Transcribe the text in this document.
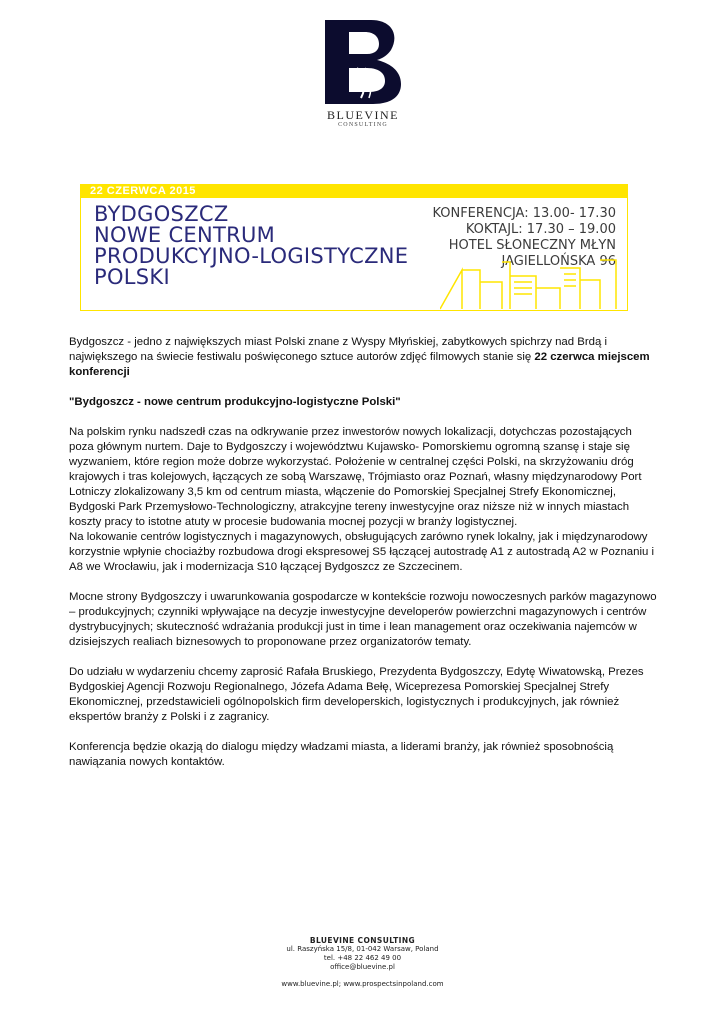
BLUEVINE
CONSULTING
22 CZERWCA 2015
BYDGOSZCZ
NOWE CENTRUM
PRODUKCYJNO-LOGISTYCZNE
POLSKI
KONFERENCJA: 13.00- 17.30
KOKTAJL: 17.30 – 19.00
HOTEL SŁONECZNY MŁYN
JAGIELLOŃSKA 96

Bydgoszcz - jedno z największych miast Polski znane z Wyspy Młyńskiej, zabytkowych spichrzy nad Brdą i największego na świecie festiwalu poświęconego sztuce autorów zdjęć filmowych stanie się 22 czerwca miejscem konferencji

"Bydgoszcz - nowe centrum produkcyjno-logistyczne Polski"

Na polskim rynku nadszedł czas na odkrywanie przez inwestorów nowych lokalizacji, dotychczas pozostających poza głównym nurtem. Daje to Bydgoszczy i województwu Kujawsko- Pomorskiemu ogromną szansę i staje się wyzwaniem, które region może dobrze wykorzystać. Położenie w centralnej części Polski, na skrzyżowaniu dróg krajowych i tras kolejowych, łączących ze sobą Warszawę, Trójmiasto oraz Poznań, własny międzynarodowy Port Lotniczy zlokalizowany 3,5 km od centrum miasta, włączenie do Pomorskiej Specjalnej Strefy Ekonomicznej, Bydgoski Park Przemysłowo-Technologiczny, atrakcyjne tereny inwestycyjne oraz niższe niż w innych miastach koszty pracy to istotne atuty w procesie budowania mocnej pozycji w branży logistycznej.

Na lokowanie centrów logistycznych i magazynowych, obsługujących zarówno rynek lokalny, jak i międzynarodowy korzystnie wpłynie chociażby rozbudowa drogi ekspresowej S5 łączącej autostradę A1 z autostradą A2 w Poznaniu i A8 we Wrocławiu, jak i modernizacja S10 łączącej Bydgoszcz ze Szczecinem.

Mocne strony Bydgoszczy i uwarunkowania gospodarcze w kontekście rozwoju nowoczesnych parków magazynowo – produkcyjnych; czynniki wpływające na decyzje inwestycyjne developerów powierzchni magazynowych i centrów dystrybucyjnych; skuteczność wdrażania produkcji just in time i lean management oraz oczekiwania najemców w dzisiejszych realiach biznesowych to proponowane przez organizatorów tematy.

Do udziału w wydarzeniu chcemy zaprosić Rafała Bruskiego, Prezydenta Bydgoszczy, Edytę Wiwatowską, Prezes Bydgoskiej Agencji Rozwoju Regionalnego, Józefa Adama Bełę, Wiceprezesa Pomorskiej Specjalnej Strefy Ekonomicznej, przedstawicieli ogólnopolskich firm developerskich, logistycznych i produkcyjnych, jak również ekspertów branży z Polski i z zagranicy.

Konferencja będzie okazją do dialogu między władzami miasta, a liderami branży, jak również sposobnością nawiązania nowych kontaktów.

BLUEVINE CONSULTING
ul. Raszyńska 15/8, 01-042 Warsaw, Poland
tel. +48 22 462 49 00
office@bluevine.pl
www.bluevine.pl; www.prospectsinpoland.com
